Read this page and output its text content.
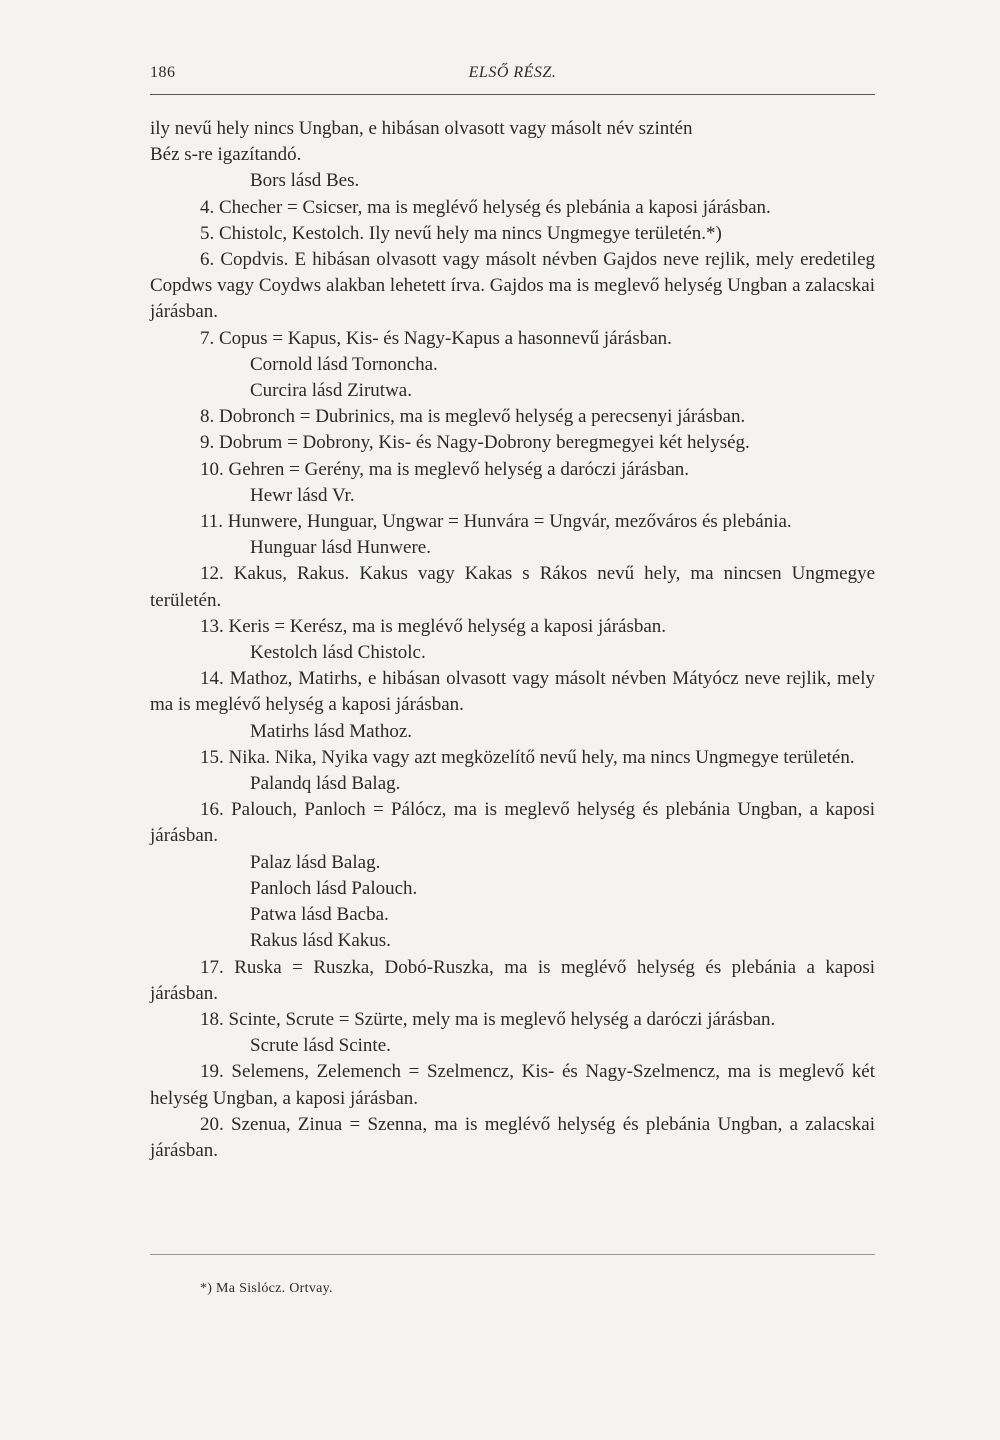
186	ELSŐ RÉSZ.

ily nevű hely nincs Ungban, e hibásan olvasott vagy másolt név szintén

Béz s-re igazítandó.

Bors lásd Bes.

4. Checher = Csicser, ma is meglévő helység és plebánia a kaposi járásban.

5. Chistolc, Kestolch. Ily nevű hely ma nincs Ungmegye területén.*)

6. Copdvis. E hibásan olvasott vagy másolt névben Gajdos neve rejlik, mely eredetileg Copdws vagy Coydws alakban lehetett írva. Gajdos ma is meglevő helység Ungban a zalacskai járásban.

7. Copus = Kapus, Kis- és Nagy-Kapus a hasonnevű járásban.

Cornold lásd Tornoncha.

Curcira lásd Zirutwa.

8. Dobronch = Dubrinics, ma is meglevő helység a perecsenyi járásban.

9. Dobrum = Dobrony, Kis- és Nagy-Dobrony beregmegyei két helység.

10. Gehren = Gerény, ma is meglevő helység a daróczi járásban.

Hewr lásd Vr.

11. Hunwere, Hunguar, Ungwar = Hunvára = Ungvár, mezőváros és plebánia.

Hunguar lásd Hunwere.

12. Kakus, Rakus. Kakus vagy Kakas s Rákos nevű hely, ma nincsen Ungmegye területén.

13. Keris = Kerész, ma is meglévő helység a kaposi járásban.

Kestolch lásd Chistolc.

14. Mathoz, Matirhs, e hibásan olvasott vagy másolt névben Mátyócz neve rejlik, mely ma is meglévő helység a kaposi járásban.

Matirhs lásd Mathoz.

15. Nika. Nika, Nyika vagy azt megközelítő nevű hely, ma nincs Ungmegye területén.

Palandq lásd Balag.

16. Palouch, Panloch = Pálócz, ma is meglevő helység és plebánia Ungban, a kaposi járásban.

Palaz lásd Balag.

Panloch lásd Palouch.

Patwa lásd Bacba.

Rakus lásd Kakus.

17. Ruska = Ruszka, Dobó-Ruszka, ma is meglévő helység és plebánia a kaposi járásban.

18. Scinte, Scrute = Szürte, mely ma is meglevő helység a daróczi járásban.

Scrute lásd Scinte.

19. Selemens, Zelemench = Szelmencz, Kis- és Nagy-Szelmencz, ma is meglevő két helység Ungban, a kaposi járásban.

20. Szenua, Zinua = Szenna, ma is meglévő helység és plebánia Ungban, a zalacskai járásban.

*) Ma Sislócz. Ortvay.
